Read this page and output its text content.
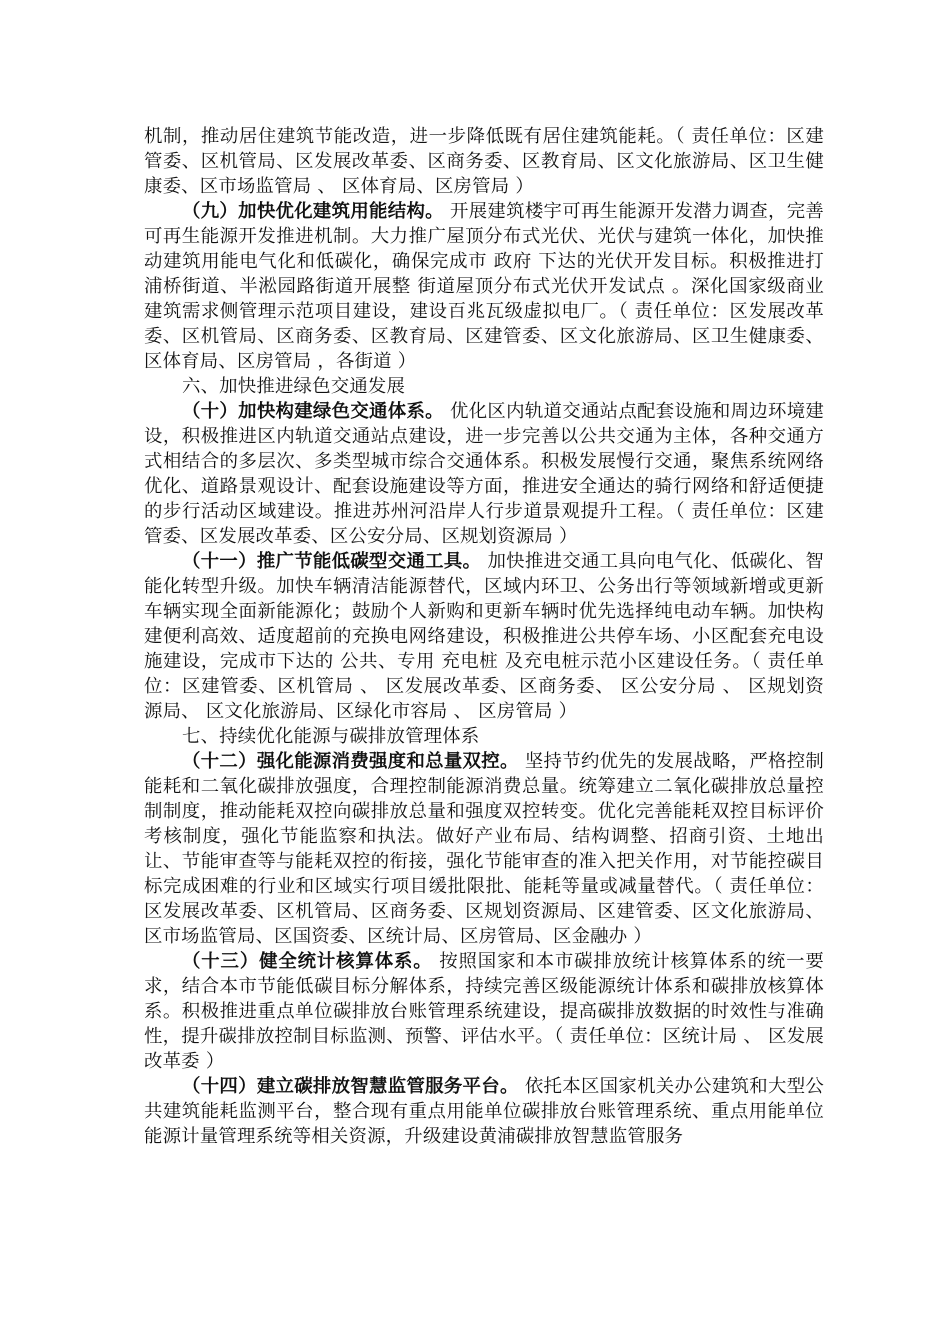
机制，推动居住建筑节能改造，进一步降低既有居住建筑能耗。（ 责任单位：区建管委、区机管局、区发展改革委、区商务委、区教育局、区文化旅游局、区卫生健康委、区市场监管局 、 区体育局、区房管局 ）

（九）加快优化建筑用能结构。 开展建筑楼宇可再生能源开发潜力调查，完善可再生能源开发推进机制。大力推广屋顶分布式光伏、光伏与建筑一体化，加快推动建筑用能电气化和低碳化，确保完成市 政府 下达的光伏开发目标。积极推进打浦桥街道、半淞园路街道开展整 街道屋顶分布式光伏开发试点 。深化国家级商业建筑需求侧管理示范项目建设，建设百兆瓦级虚拟电厂。（ 责任单位：区发展改革委、区机管局、区商务委、区教育局、区建管委、区文化旅游局、区卫生健康委、区体育局、区房管局 ，各街道 ）

六、加快推进绿色交通发展

（十）加快构建绿色交通体系。 优化区内轨道交通站点配套设施和周边环境建设，积极推进区内轨道交通站点建设，进一步完善以公共交通为主体，各种交通方式相结合的多层次、多类型城市综合交通体系。积极发展慢行交通，聚焦系统网络优化、道路景观设计、配套设施建设等方面，推进安全通达的骑行网络和舒适便捷的步行活动区域建设。推进苏州河沿岸人行步道景观提升工程。（ 责任单位：区建管委、区发展改革委、区公安分局、区规划资源局 ）

（十一）推广节能低碳型交通工具。 加快推进交通工具向电气化、低碳化、智能化转型升级。加快车辆清洁能源替代，区域内环卫、公务出行等领域新增或更新车辆实现全面新能源化；鼓励个人新购和更新车辆时优先选择纯电动车辆。加快构建便利高效、适度超前的充换电网络建设，积极推进公共停车场、小区配套充电设施建设，完成市下达的 公共、专用 充电桩 及充电桩示范小区建设任务。（ 责任单位：区建管委、区机管局 、 区发展改革委、区商务委、 区公安分局 、 区规划资源局、 区文化旅游局、区绿化市容局 、 区房管局 ）

七、持续优化能源与碳排放管理体系

（十二）强化能源消费强度和总量双控。 坚持节约优先的发展战略，严格控制能耗和二氧化碳排放强度，合理控制能源消费总量。统筹建立二氧化碳排放总量控制制度，推动能耗双控向碳排放总量和强度双控转变。优化完善能耗双控目标评价考核制度，强化节能监察和执法。做好产业布局、结构调整、招商引资、土地出让、节能审查等与能耗双控的衔接，强化节能审查的准入把关作用，对节能控碳目标完成困难的行业和区域实行项目缓批限批、能耗等量或减量替代。（ 责任单位： 区发展改革委、区机管局、区商务委、区规划资源局、区建管委、区文化旅游局、区市场监管局、区国资委、区统计局、区房管局、区金融办 ）

（十三）健全统计核算体系。 按照国家和本市碳排放统计核算体系的统一要求，结合本市节能低碳目标分解体系，持续完善区级能源统计体系和碳排放核算体系。积极推进重点单位碳排放台账管理系统建设，提高碳排放数据的时效性与准确性，提升碳排放控制目标监测、预警、评估水平。（ 责任单位：区统计局 、 区发展改革委 ）

（十四）建立碳排放智慧监管服务平台。 依托本区国家机关办公建筑和大型公共建筑能耗监测平台，整合现有重点用能单位碳排放台账管理系统、重点用能单位能源计量管理系统等相关资源，升级建设黄浦碳排放智慧监管服务
